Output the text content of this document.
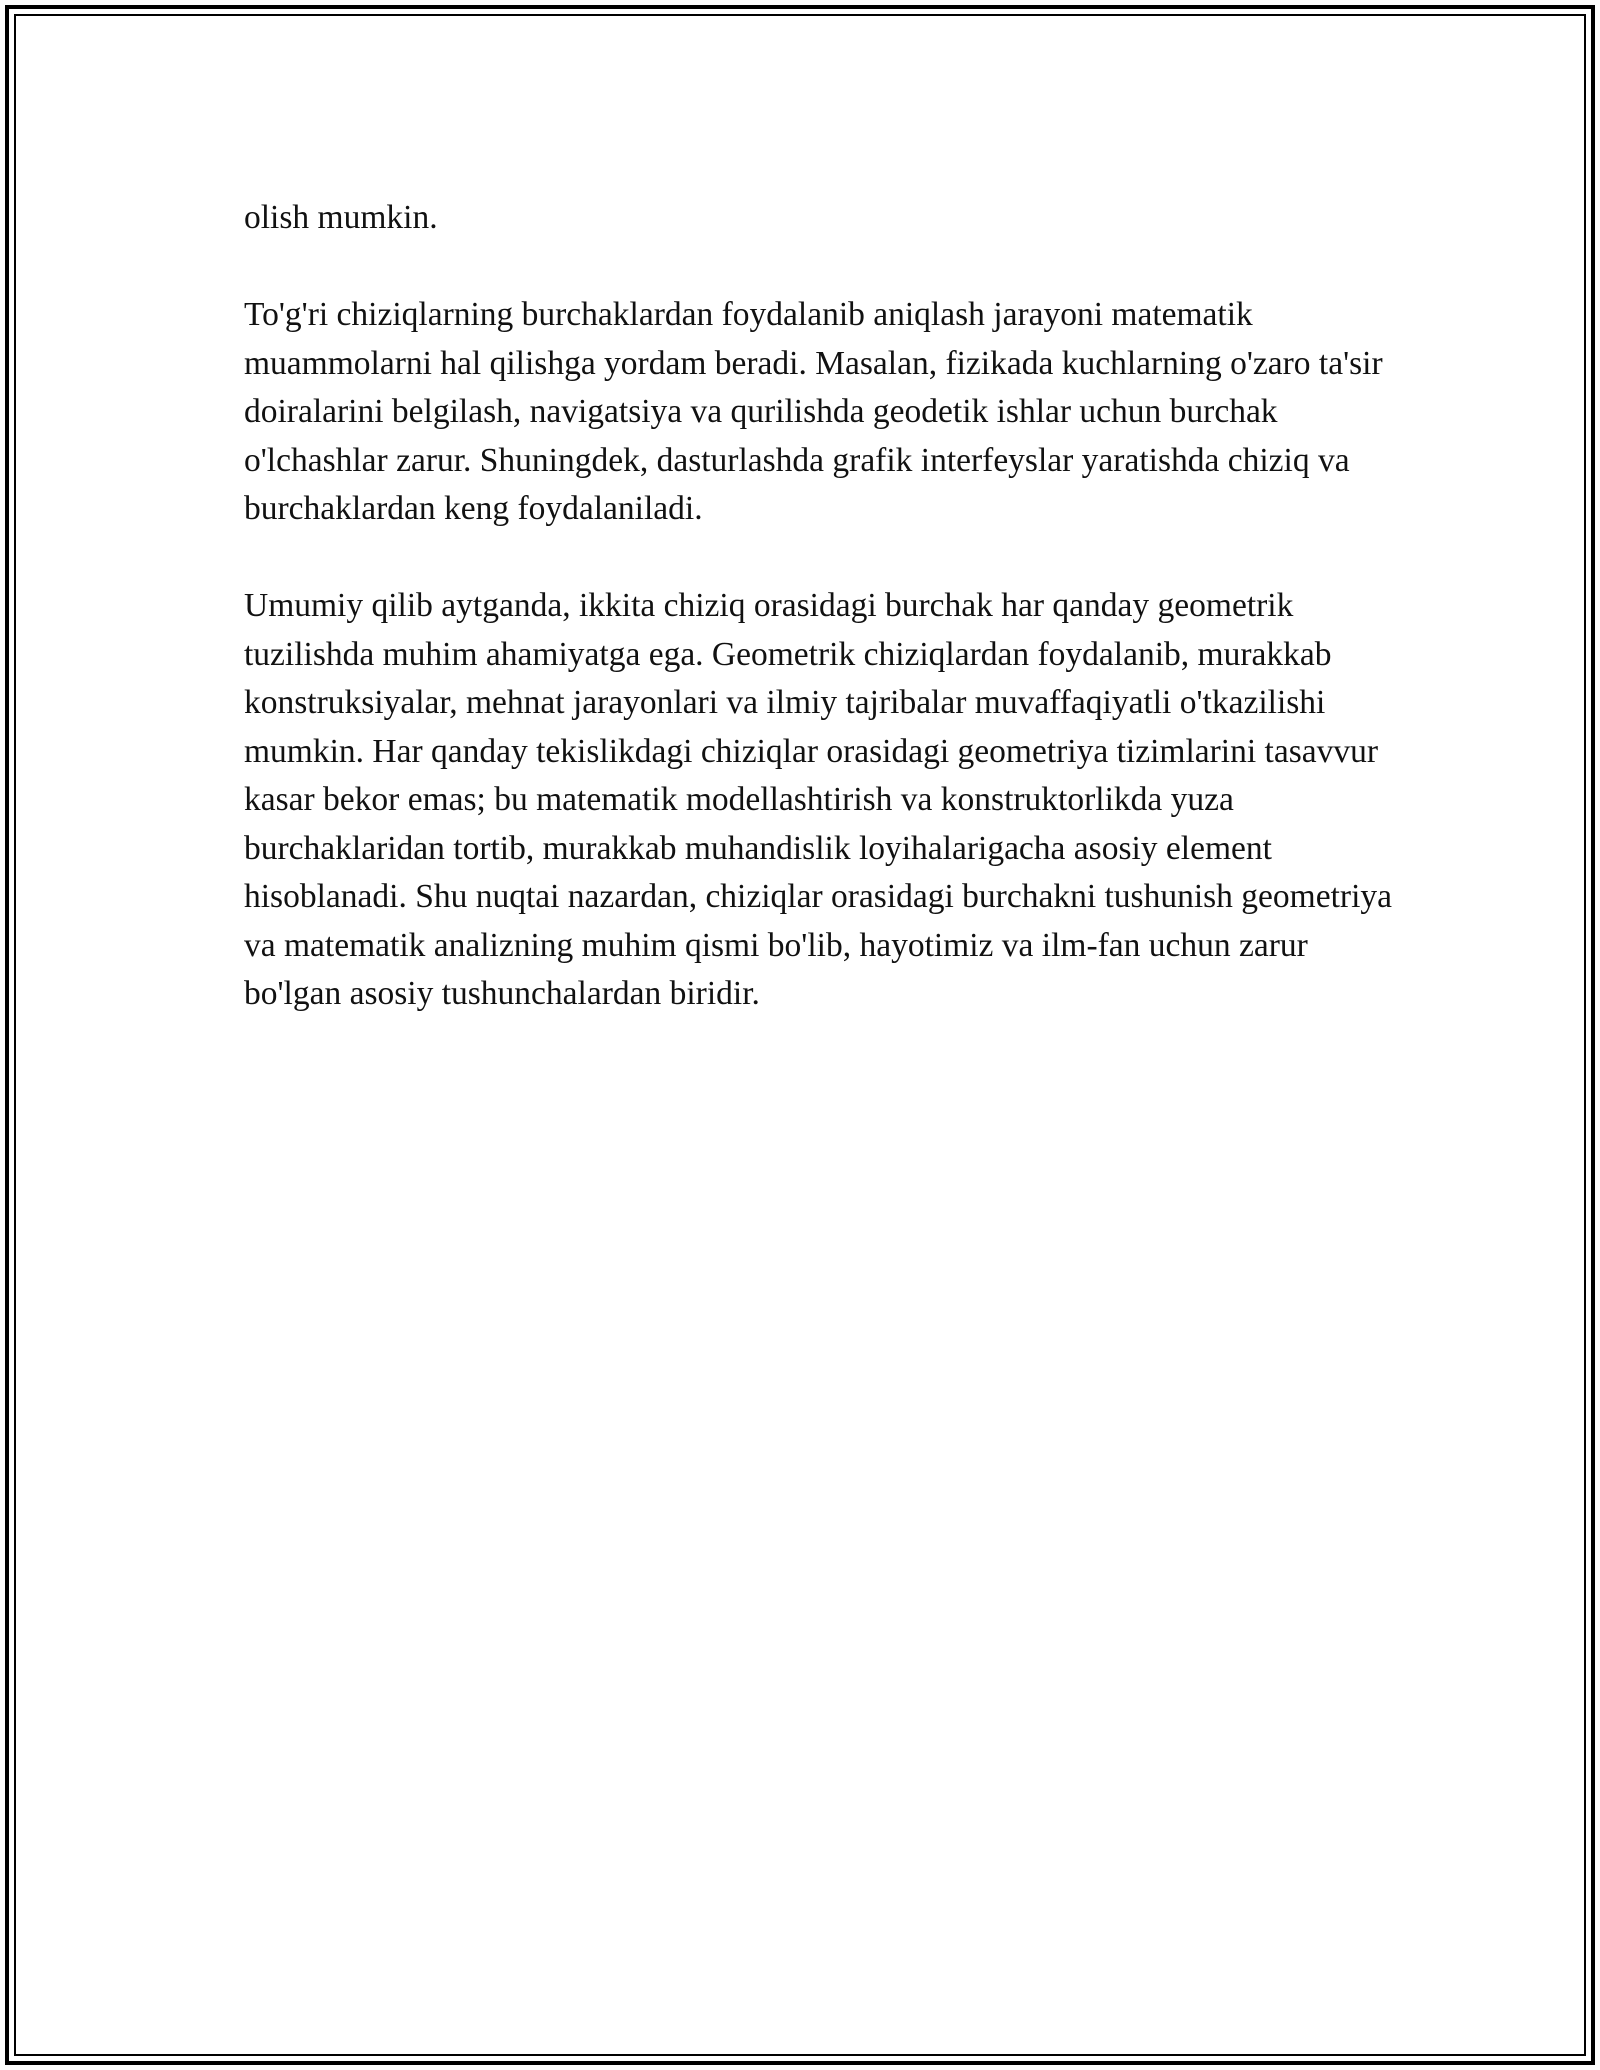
olish mumkin.

To'g'ri chiziqlarning burchaklardan foydalanib aniqlash jarayoni matematik muammolarni hal qilishga yordam beradi. Masalan, fizikada kuchlarning o'zaro ta'sir doiralarini belgilash, navigatsiya va qurilishda geodetik ishlar uchun burchak o'lchashlar zarur. Shuningdek, dasturlashda grafik interfeyslar yaratishda chiziq va burchaklardan keng foydalaniladi.

Umumiy qilib aytganda, ikkita chiziq orasidagi burchak har qanday geometrik tuzilishda muhim ahamiyatga ega. Geometrik chiziqlardan foydalanib, murakkab konstruksiyalar, mehnat jarayonlari va ilmiy tajribalar muvaffaqiyatli o'tkazilishi mumkin. Har qanday tekislikdagi chiziqlar orasidagi geometriya tizimlarini tasavvur kasar bekor emas; bu matematik modellashtirish va konstruktorlikda yuza burchaklaridan tortib, murakkab muhandislik loyihalarigacha asosiy element hisoblanadi. Shu nuqtai nazardan, chiziqlar orasidagi burchakni tushunish geometriya va matematik analizning muhim qismi bo'lib, hayotimiz va ilm-fan uchun zarur bo'lgan asosiy tushunchalardan biridir.
